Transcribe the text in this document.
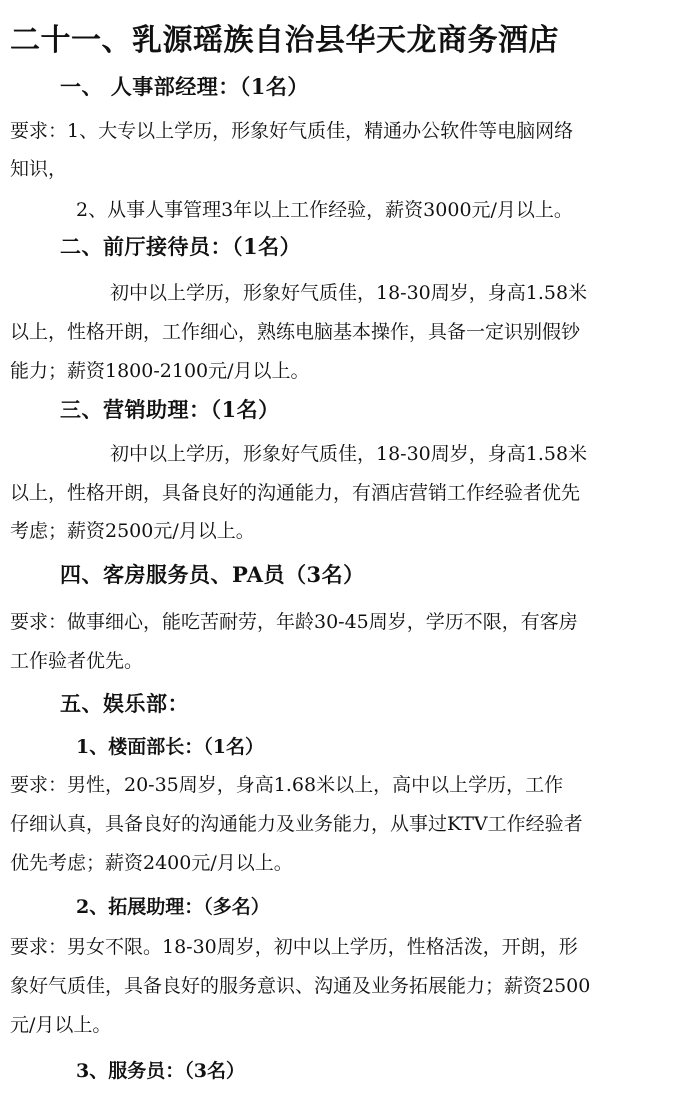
二十一、乳源瑶族自治县华天龙商务酒店
一、 人事部经理：（1名）
要求：1、大专以上学历，形象好气质佳，精通办公软件等电脑网络
知识，
2、从事人事管理3年以上工作经验，薪资3000元/月以上。
二、前厅接待员：（1名）
初中以上学历，形象好气质佳，18-30周岁，身高1.58米
以上，性格开朗，工作细心，熟练电脑基本操作，具备一定识别假钞
能力；薪资1800-2100元/月以上。
三、营销助理：（1名）
初中以上学历，形象好气质佳，18-30周岁，身高1.58米
以上，性格开朗，具备良好的沟通能力，有酒店营销工作经验者优先
考虑；薪资2500元/月以上。
四、客房服务员、PA员（3名）
要求：做事细心，能吃苦耐劳，年龄30-45周岁，学历不限，有客房
工作验者优先。
五、娱乐部：
1、楼面部长：（1名）
要求：男性，20-35周岁，身高1.68米以上，高中以上学历，工作
仔细认真，具备良好的沟通能力及业务能力，从事过KTV工作经验者
优先考虑；薪资2400元/月以上。
2、拓展助理：（多名）
要求：男女不限。18-30周岁，初中以上学历，性格活泼，开朗，形
象好气质佳，具备良好的服务意识、沟通及业务拓展能力；薪资2500
元/月以上。
3、服务员：（3名）
